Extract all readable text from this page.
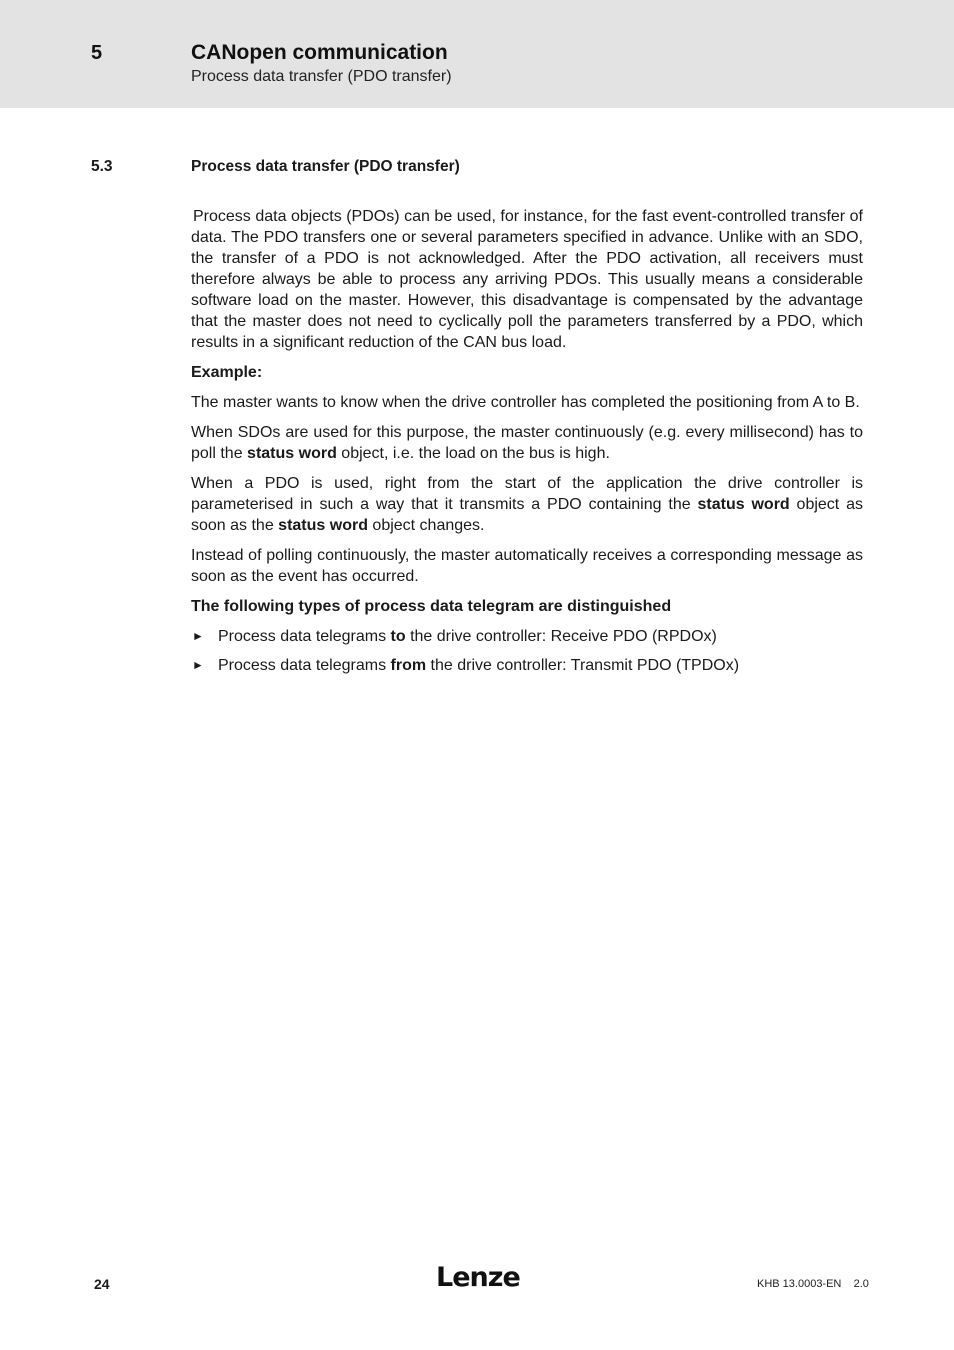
5	CANopen communication
Process data transfer (PDO transfer)
5.3	Process data transfer (PDO transfer)

Process data objects (PDOs) can be used, for instance, for the fast event-controlled transfer of data. The PDO transfers one or several parameters specified in advance. Unlike with an SDO, the transfer of a PDO is not acknowledged. After the PDO activation, all receivers must therefore always be able to process any arriving PDOs. This usually means a considerable software load on the master. However, this disadvantage is compensated by the advantage that the master does not need to cyclically poll the parameters transferred by a PDO, which results in a significant reduction of the CAN bus load.

Example:

The master wants to know when the drive controller has completed the positioning from A to B.

When SDOs are used for this purpose, the master continuously (e.g. every millisecond) has to poll the status word object, i.e. the load on the bus is high.

When a PDO is used, right from the start of the application the drive controller is parameterised in such a way that it transmits a PDO containing the status word object as soon as the status word object changes.

Instead of polling continuously, the master automatically receives a corresponding message as soon as the event has occurred.

The following types of process data telegram are distinguished

► Process data telegrams to the drive controller: Receive PDO (RPDOx)
► Process data telegrams from the drive controller: Transmit PDO (TPDOx)
24	Lenze	KHB 13.0003-EN    2.0
